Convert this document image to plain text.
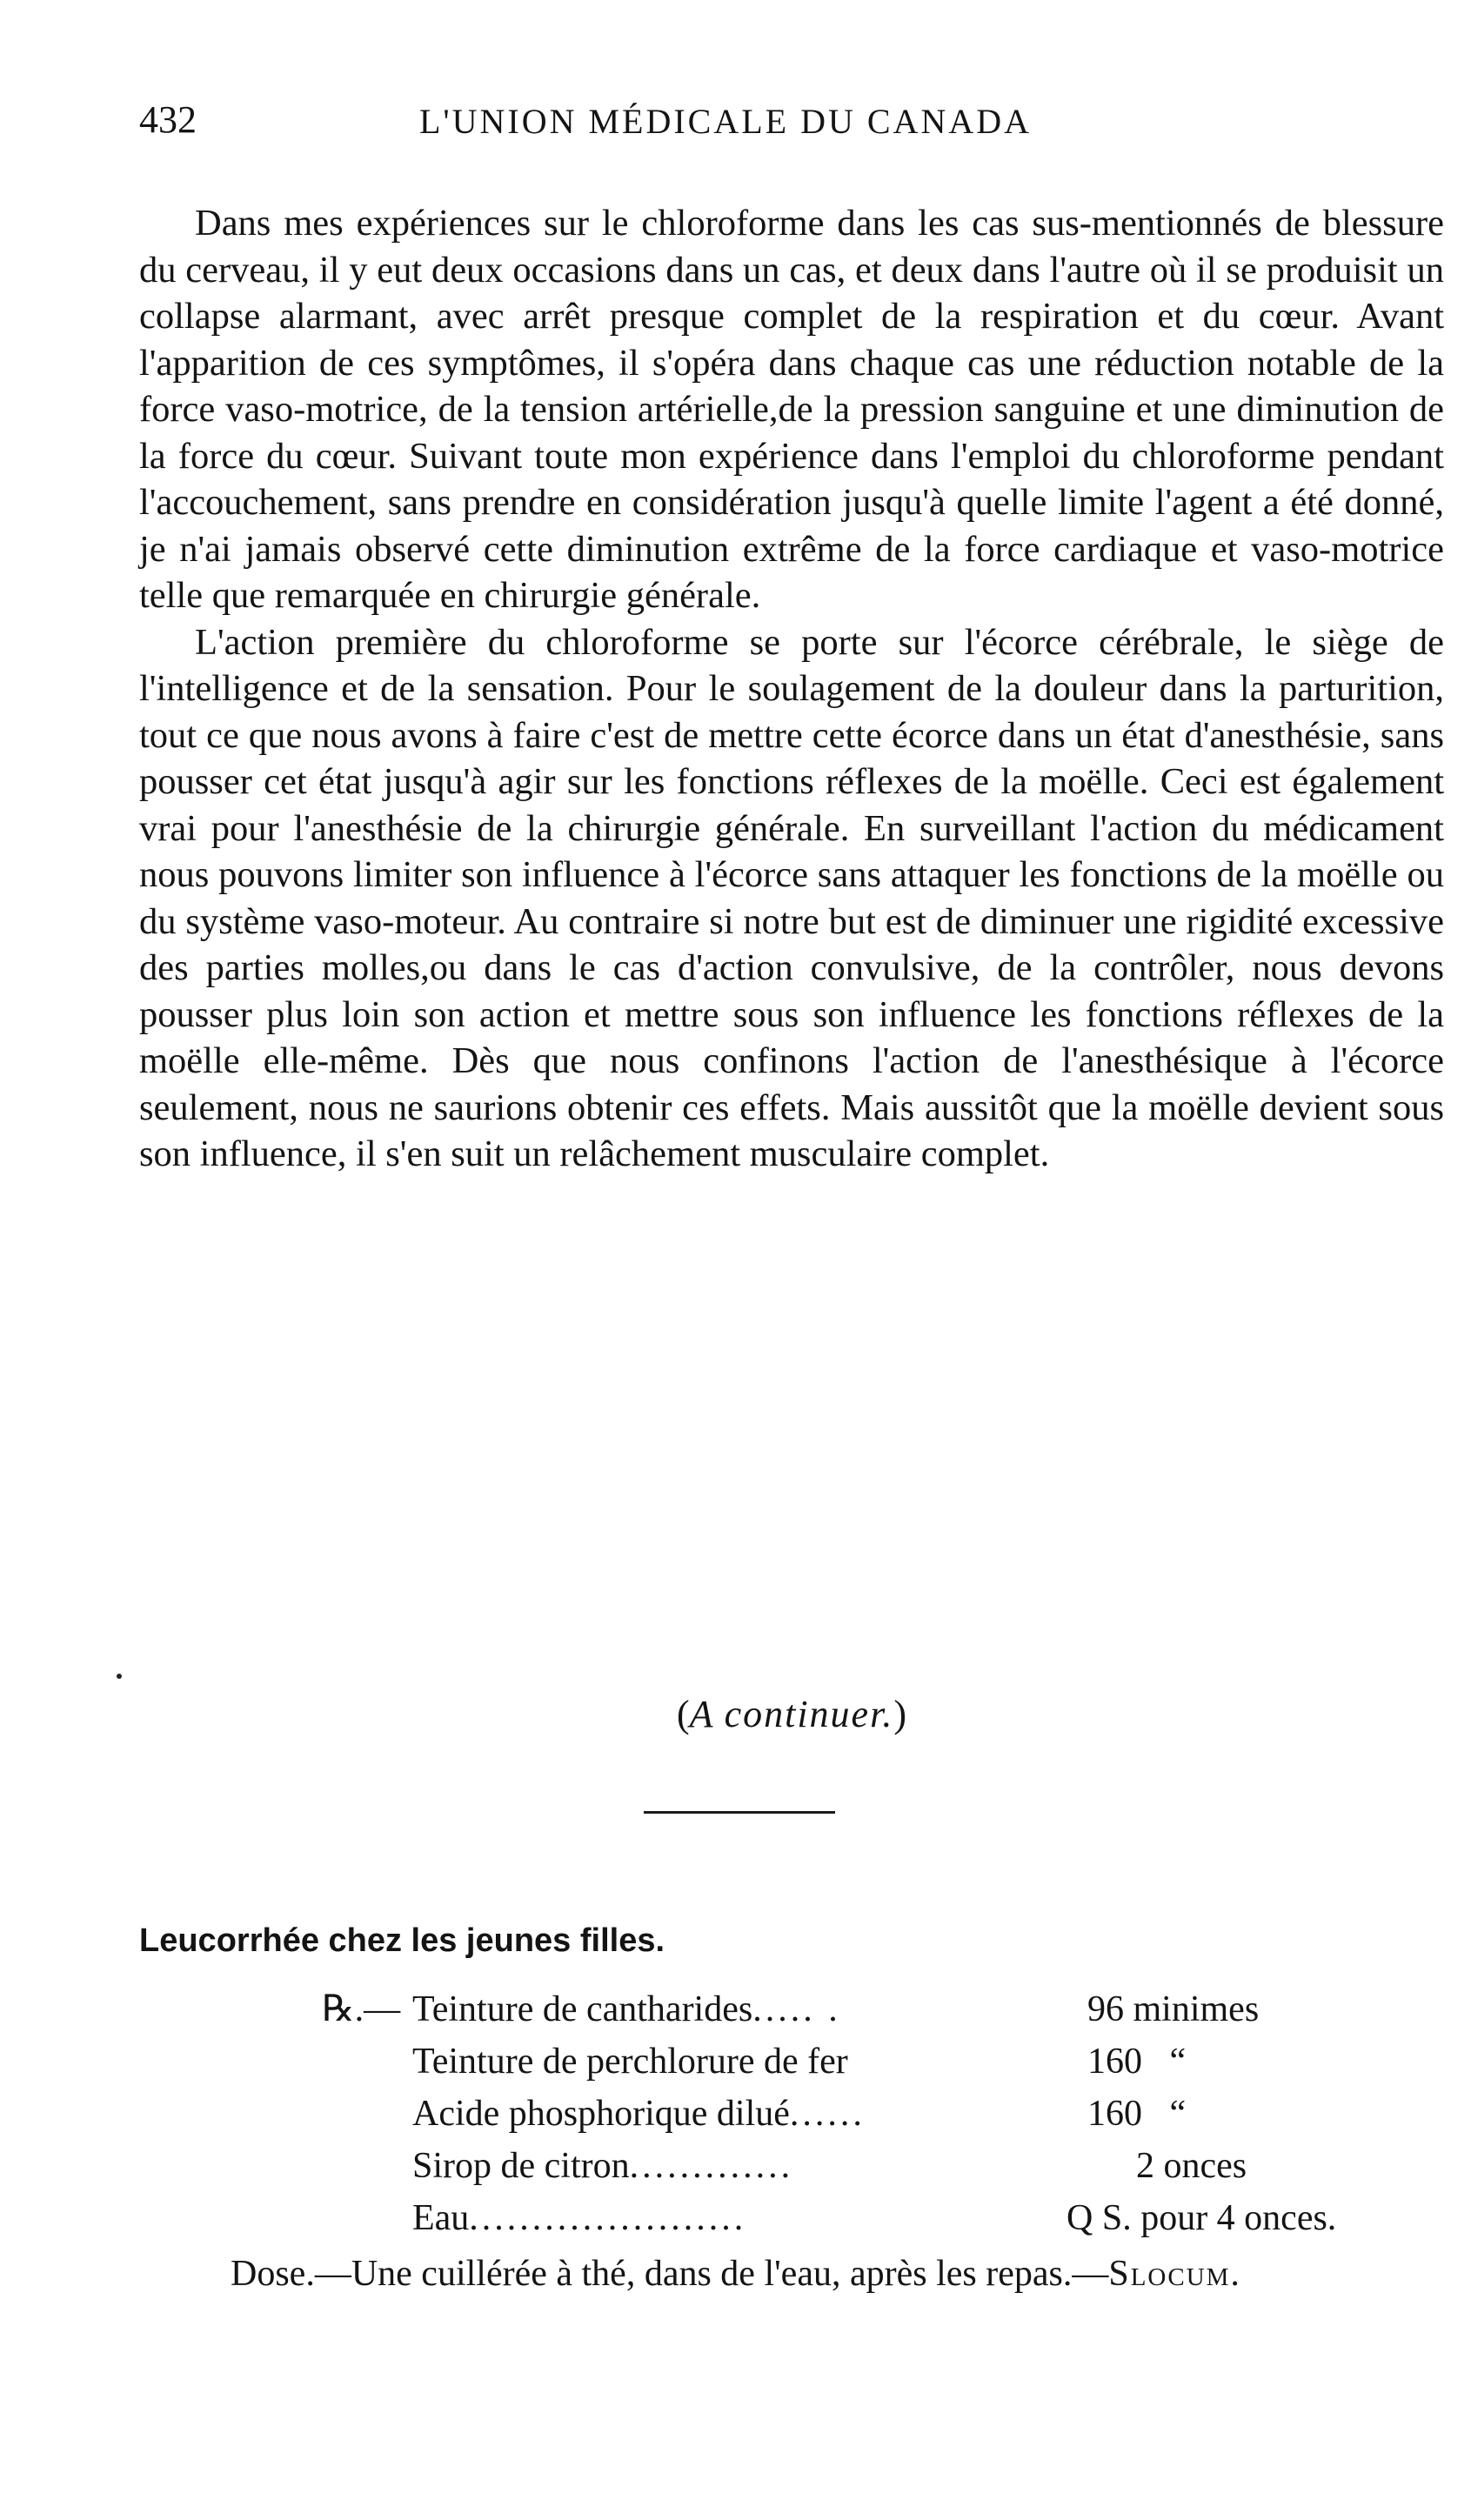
432	L'UNION MÉDICALE DU CANADA

Dans mes expériences sur le chloroforme dans les cas sus-mentionnés de blessure du cerveau, il y eut deux occasions dans un cas, et deux dans l'autre où il se produisit un collapse alarmant, avec arrêt presque complet de la respiration et du cœur. Avant l'apparition de ces symptômes, il s'opéra dans chaque cas une réduction notable de la force vaso-motrice, de la tension artérielle,de la pression sanguine et une diminution de la force du cœur. Suivant toute mon expérience dans l'emploi du chloroforme pendant l'accouchement, sans prendre en considération jusqu'à quelle limite l'agent a été donné, je n'ai jamais observé cette diminution extrême de la force cardiaque et vaso-motrice telle que remarquée en chirurgie générale.

L'action première du chloroforme se porte sur l'écorce cérébrale, le siège de l'intelligence et de la sensation. Pour le soulagement de la douleur dans la parturition, tout ce que nous avons à faire c'est de mettre cette écorce dans un état d'anesthésie, sans pousser cet état jusqu'à agir sur les fonctions réflexes de la moëlle. Ceci est également vrai pour l'anesthésie de la chirurgie générale. En surveillant l'action du médicament nous pouvons limiter son influence à l'écorce sans attaquer les fonctions de la moëlle ou du système vaso-moteur. Au contraire si notre but est de diminuer une rigidité excessive des parties molles,ou dans le cas d'action convulsive, de la contrôler, nous devons pousser plus loin son action et mettre sous son influence les fonctions réflexes de la moëlle elle-même. Dès que nous confinons l'action de l'anesthésique à l'écorce seulement, nous ne saurions obtenir ces effets. Mais aussitôt que la moëlle devient sous son influence, il s'en suit un relâchement musculaire complet.

(A continuer.)
Leucorrhée chez les jeunes filles.
℞.— Teinture de cantharides..... .	96 minimes
Teinture de perchlorure de fer	160   “
Acide phosphorique dilué......	160   “
Sirop de citron.............	2 onces
Eau......................	Q S. pour 4 onces.
Dose.—Une cuillérée à thé, dans de l'eau, après les repas.—Slocum.
